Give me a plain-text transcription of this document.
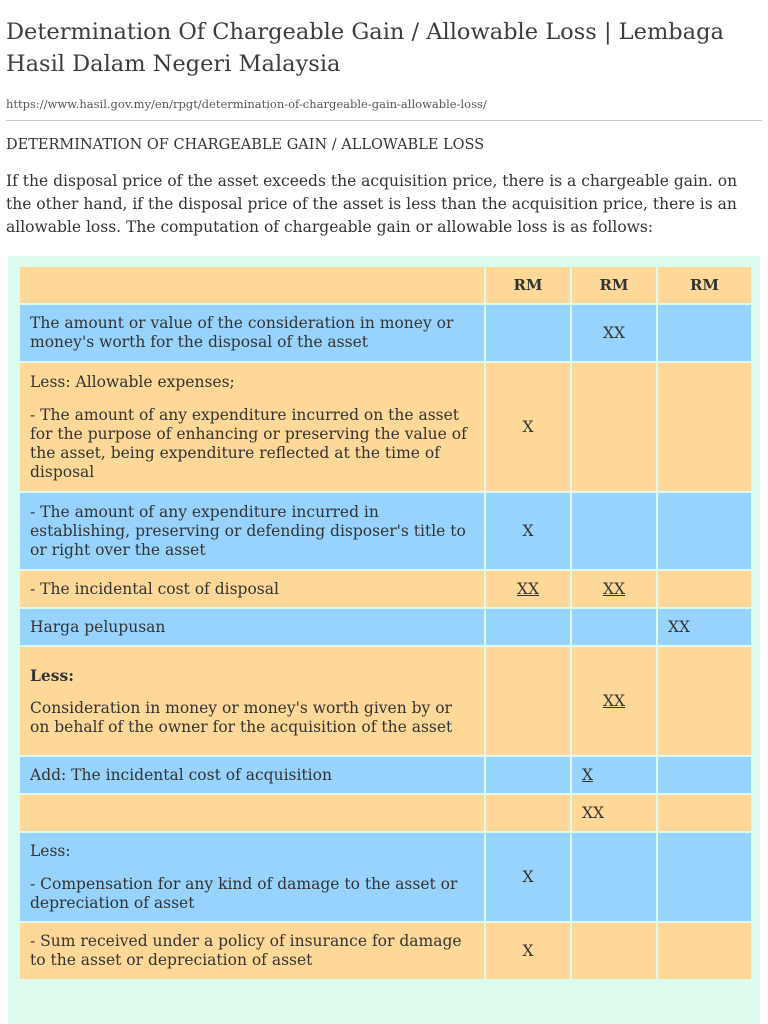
Determination Of Chargeable Gain / Allowable Loss | Lembaga Hasil Dalam Negeri Malaysia
https://www.hasil.gov.my/en/rpgt/determination-of-chargeable-gain-allowable-loss/
DETERMINATION OF CHARGEABLE GAIN / ALLOWABLE LOSS

If the disposal price of the asset exceeds the acquisition price, there is a chargeable gain. on the other hand, if the disposal price of the asset is less than the acquisition price, there is an allowable loss. The computation of chargeable gain or allowable loss is as follows:

	RM	RM	RM

The amount or value of the consideration in money or money's worth for the disposal of the asset		XX	

Less: Allowable expenses;
- The amount of any expenditure incurred on the asset for the purpose of enhancing or preserving the value of the asset, being expenditure reflected at the time of disposal	X		

- The amount of any expenditure incurred in establishing, preserving or defending disposer's title to or right over the asset	X		

- The incidental cost of disposal	XX	XX	

Harga pelupusan			XX

Less:
Consideration in money or money's worth given by or on behalf of the owner for the acquisition of the asset		XX	

Add: The incidental cost of acquisition		X	
		XX	

Less:
- Compensation for any kind of damage to the asset or depreciation of asset	X		

- Sum received under a policy of insurance for damage to the asset or depreciation of asset	X		
